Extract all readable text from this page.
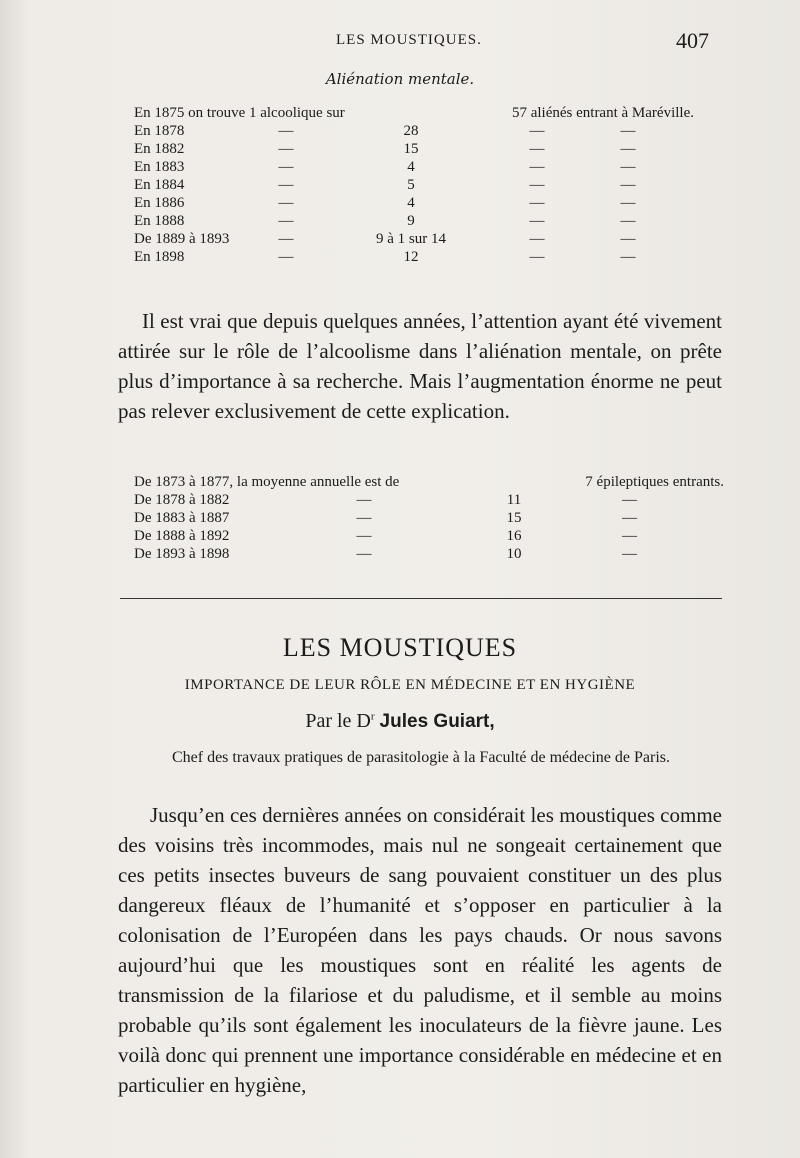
LES MOUSTIQUES.	407
Aliénation mentale.
En 1875 on trouve 1 alcoolique sur			57 aliénés entrant à Maréville.	
En 1878	—	28	—	—
En 1882	—	15	—	—
En 1883	—	4	—	—
En 1884	—	5	—	—
En 1886	—	4	—	—
En 1888	—	9	—	—
De 1889 à 1893	—	9 à 1 sur 14	—	—
En 1898	—	12	—	—

Il est vrai que depuis quelques années, l’attention ayant été vivement attirée sur le rôle de l’alcoolisme dans l’aliénation mentale, on prête plus d’importance à sa recherche. Mais l’augmentation énorme ne peut pas relever exclusivement de cette explication.

De 1873 à 1877, la moyenne annuelle est de			7 épileptiques entrants.
De 1878 à 1882	—	11	—
De 1883 à 1887	—	15	—
De 1888 à 1892	—	16	—
De 1893 à 1898	—	10	—
LES MOUSTIQUES
IMPORTANCE DE LEUR RÔLE EN MÉDECINE ET EN HYGIÈNE
Par le $D^r$ Jules Guiart,
Chef des travaux pratiques de parasitologie à la Faculté de médecine de Paris.

Jusqu’en ces dernières années on considérait les moustiques comme des voisins très incommodes, mais nul ne songeait certainement que ces petits insectes buveurs de sang pouvaient constituer un des plus dangereux fléaux de l’humanité et s’opposer en particulier à la colonisation de l’Européen dans les pays chauds. Or nous savons aujourd’hui que les moustiques sont en réalité les agents de transmission de la filariose et du paludisme, et il semble au moins probable qu’ils sont également les inoculateurs de la fièvre jaune. Les voilà donc qui prennent une importance considérable en médecine et en particulier en hygiène,
